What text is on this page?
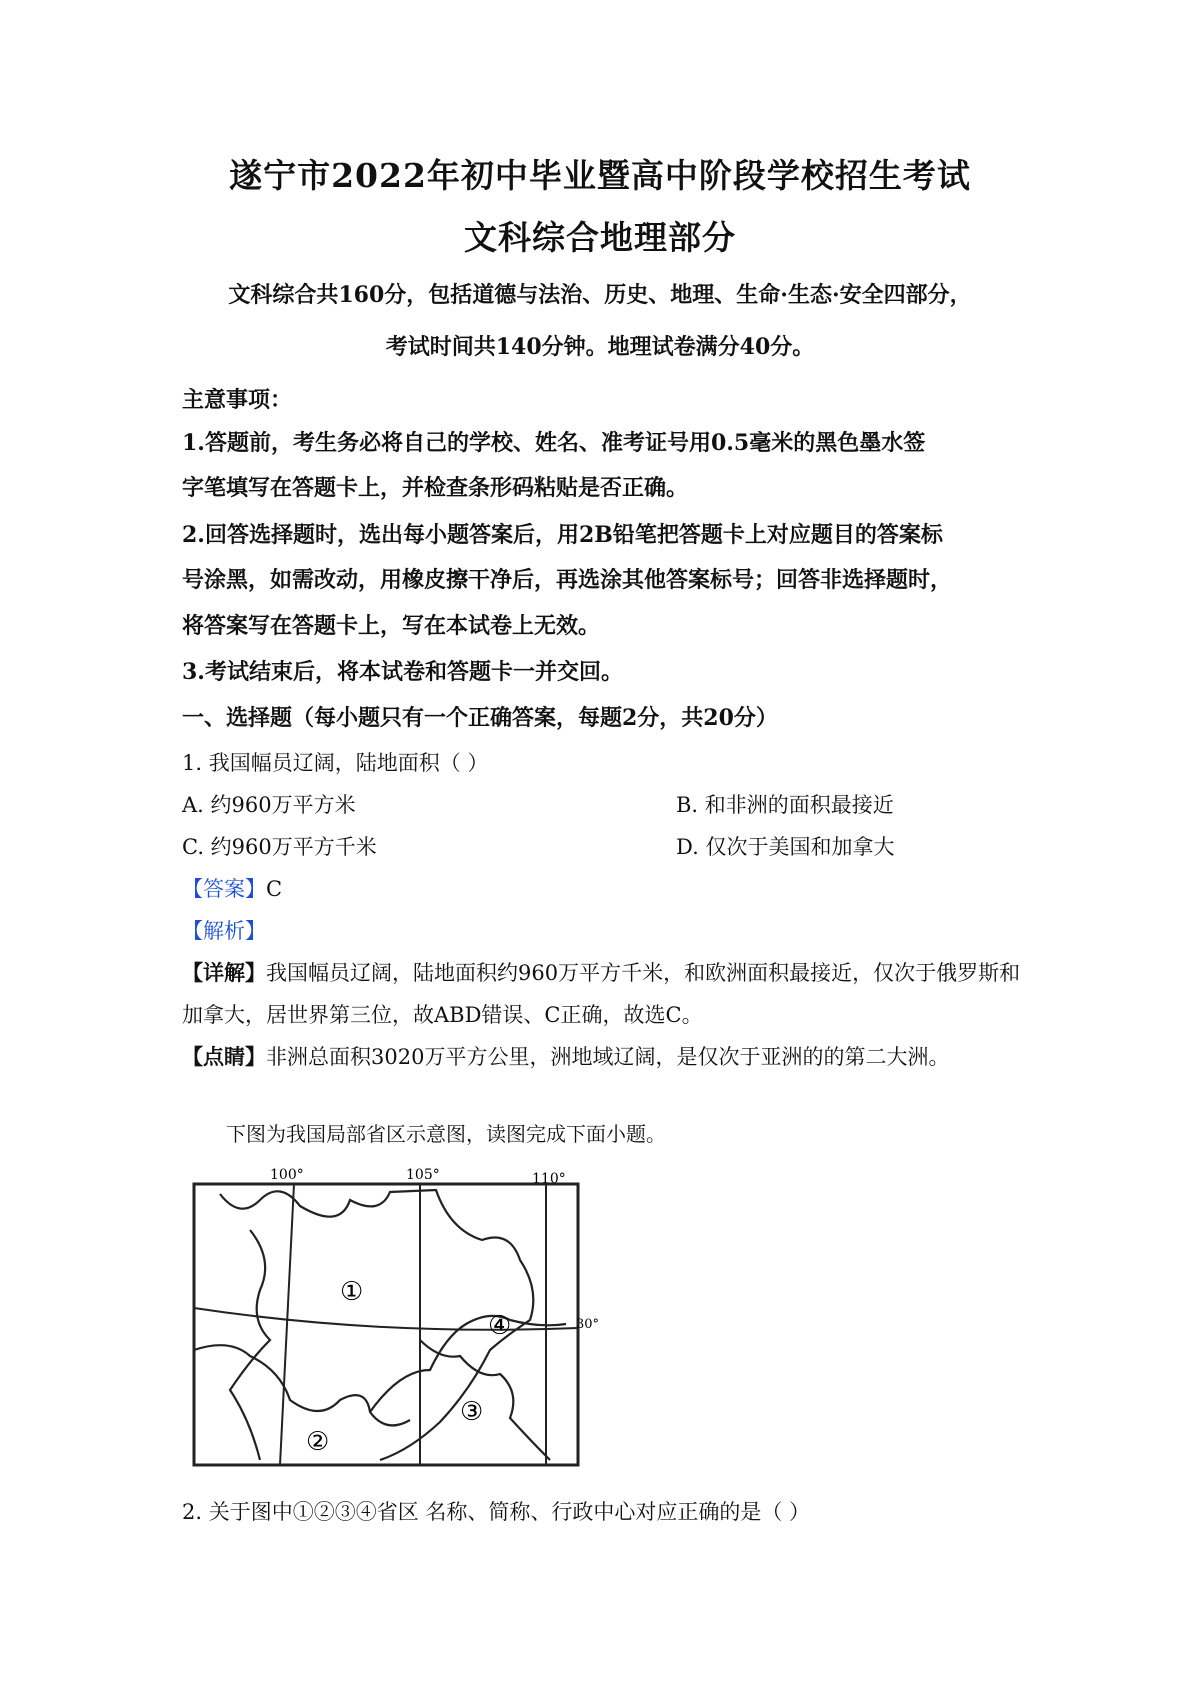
遂宁市2022年初中毕业暨高中阶段学校招生考试
文科综合地理部分
文科综合共160分，包括道德与法治、历史、地理、生命·生态·安全四部分，
考试时间共140分钟。地理试卷满分40分。
主意事项：
1.答题前，考生务必将自己的学校、姓名、准考证号用0.5毫米的黑色墨水签
字笔填写在答题卡上，并检查条形码粘贴是否正确。
2.回答选择题时，选出每小题答案后，用2B铅笔把答题卡上对应题目的答案标
号涂黑，如需改动，用橡皮擦干净后，再选涂其他答案标号；回答非选择题时，
将答案写在答题卡上，写在本试卷上无效。
3.考试结束后，将本试卷和答题卡一并交回。
一、选择题（每小题只有一个正确答案，每题2分，共20分）
1. 我国幅员辽阔，陆地面积（ ）
A. 约960万平方米	B. 和非洲的面积最接近
C. 约960万平方千米	D. 仅次于美国和加拿大
【答案】C
【解析】
【详解】我国幅员辽阔，陆地面积约960万平方千米，和欧洲面积最接近，仅次于俄罗斯和
加拿大，居世界第三位，故ABD错误、C正确，故选C。
【点睛】非洲总面积3020万平方公里，洲地域辽阔，是仅次于亚洲的的第二大洲。
下图为我国局部省区示意图，读图完成下面小题。
100°	105°	110°
30°
①
②
③
④
2. 关于图中①②③④省区 名称、简称、行政中心对应正确的是（ ）
